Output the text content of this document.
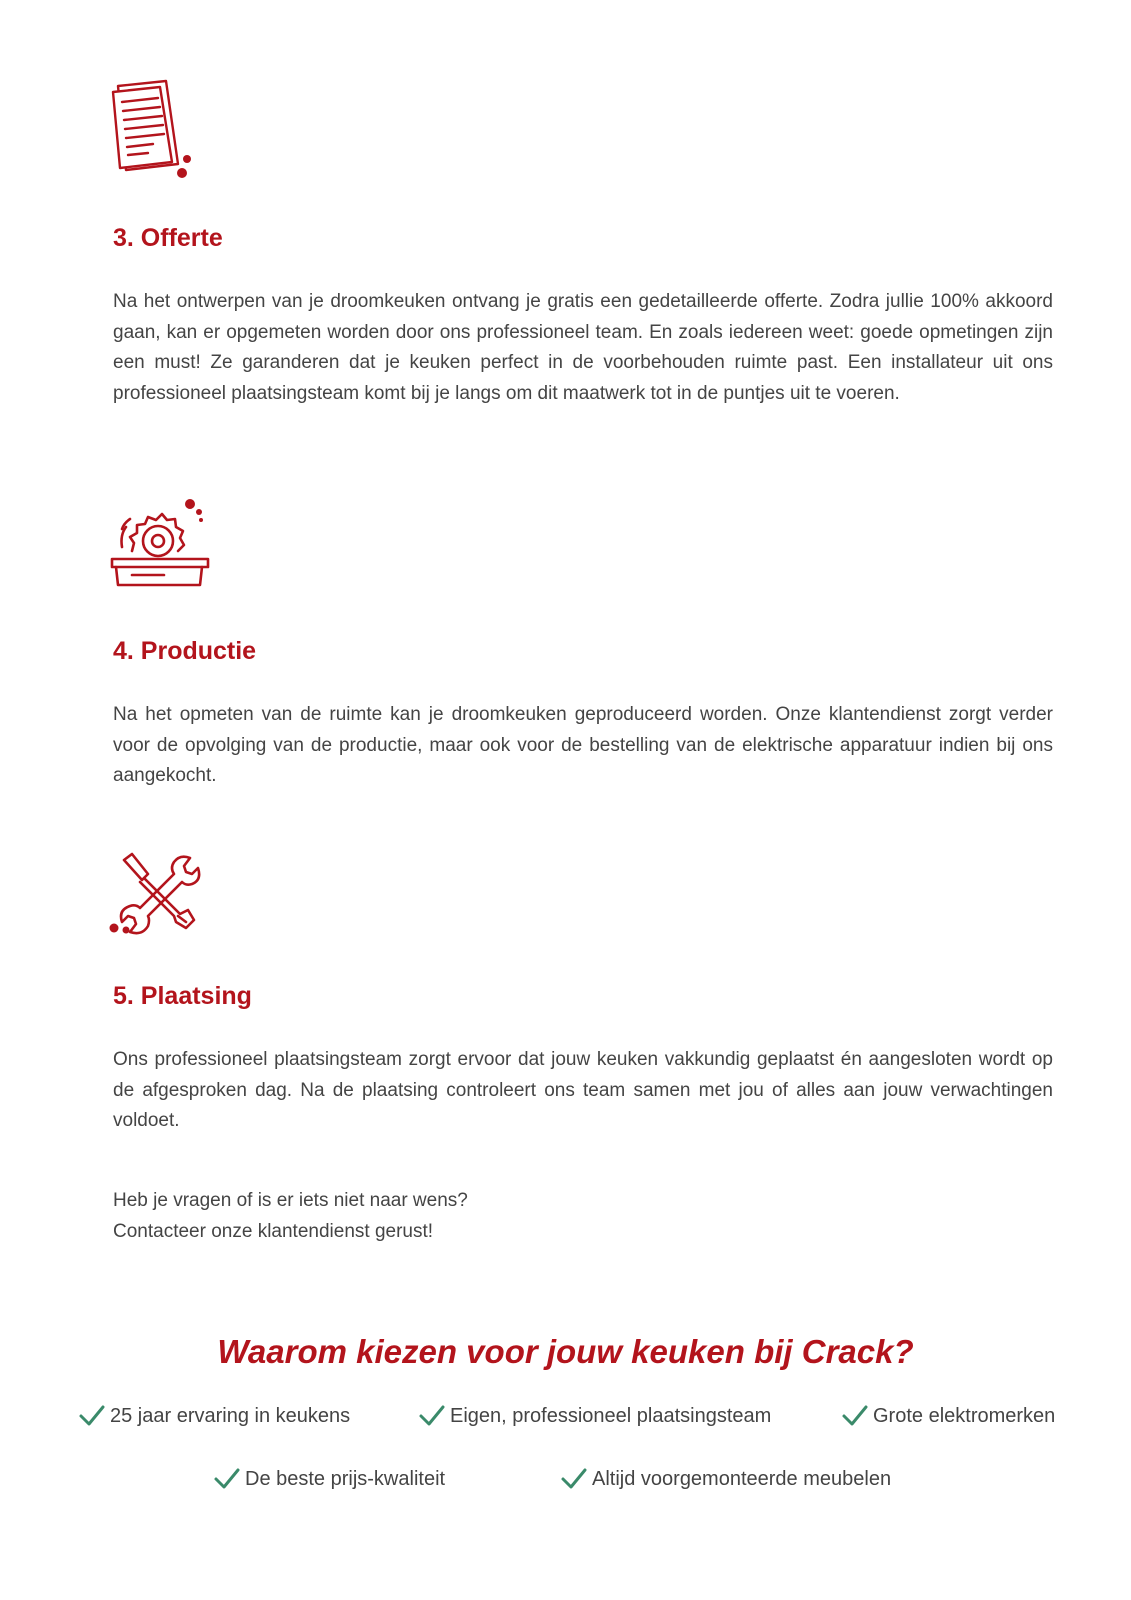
3. Offerte

Na het ontwerpen van je droomkeuken ontvang je gratis een gedetailleerde offerte. Zodra jullie 100% akkoord gaan, kan er opgemeten worden door ons professioneel team. En zoals iedereen weet: goede opmetingen zijn een must! Ze garanderen dat je keuken perfect in de voorbehouden ruimte past. Een installateur uit ons professioneel plaatsingsteam komt bij je langs om dit maatwerk tot in de puntjes uit te voeren.

4. Productie

Na het opmeten van de ruimte kan je droomkeuken geproduceerd worden. Onze klantendienst zorgt verder voor de opvolging van de productie, maar ook voor de bestelling van de elektrische apparatuur indien bij ons aangekocht.

5. Plaatsing

Ons professioneel plaatsingsteam zorgt ervoor dat jouw keuken vakkundig geplaatst én aangesloten wordt op de afgesproken dag. Na de plaatsing controleert ons team samen met jou of alles aan jouw verwachtingen voldoet.

Heb je vragen of is er iets niet naar wens?
Contacteer onze klantendienst gerust!

Waarom kiezen voor jouw keuken bij Crack?
25 jaar ervaring in keukens	Eigen, professioneel plaatsingsteam	Grote elektromerken
De beste prijs-kwaliteit	Altijd voorgemonteerde meubelen
